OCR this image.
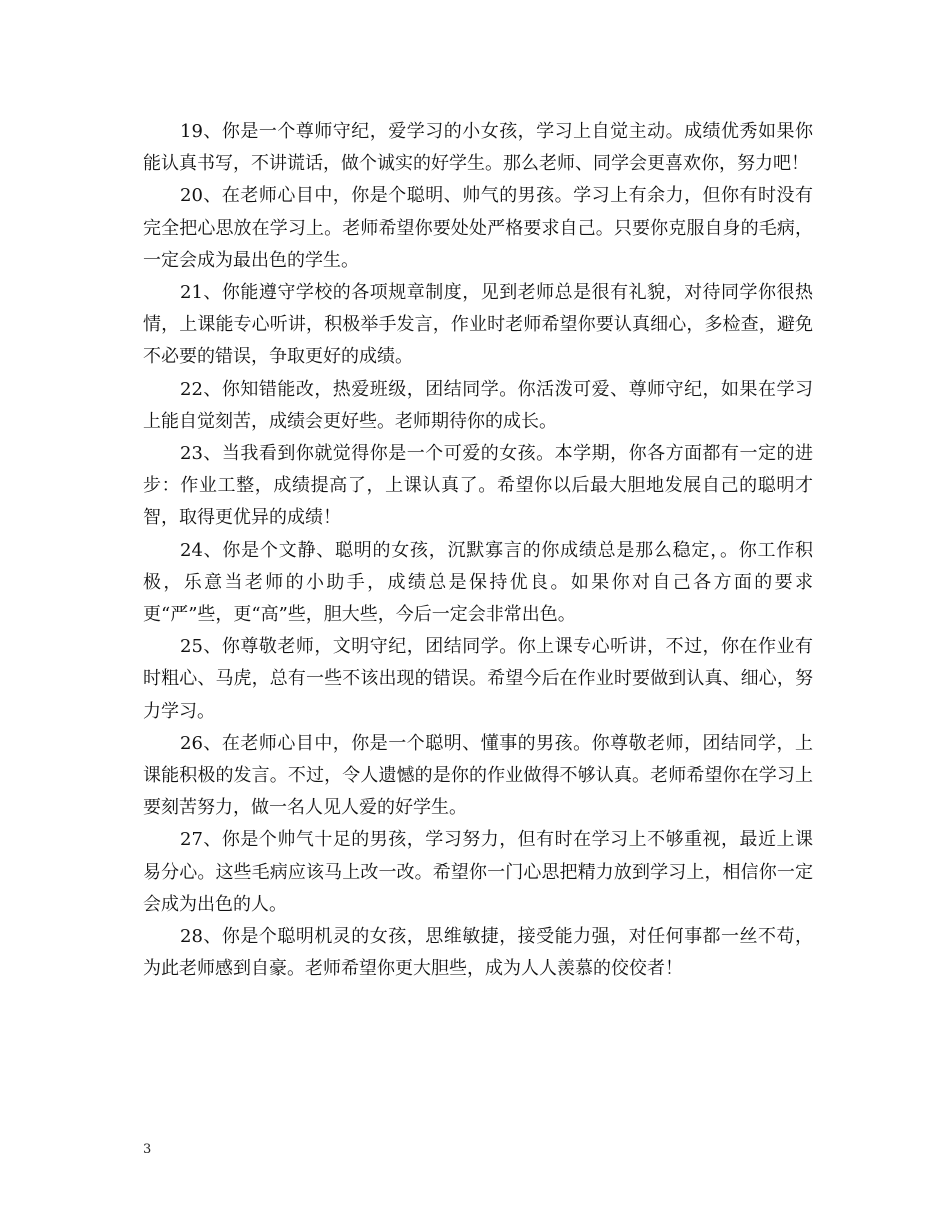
19、你是一个尊师守纪，爱学习的小女孩，学习上自觉主动。成绩优秀如果你能认真书写，不讲谎话，做个诚实的好学生。那么老师、同学会更喜欢你，努力吧！

20、在老师心目中，你是个聪明、帅气的男孩。学习上有余力，但你有时没有完全把心思放在学习上。老师希望你要处处严格要求自己。只要你克服自身的毛病，一定会成为最出色的学生。

21、你能遵守学校的各项规章制度，见到老师总是很有礼貌，对待同学你很热情，上课能专心听讲，积极举手发言，作业时老师希望你要认真细心，多检查，避免不必要的错误，争取更好的成绩。

22、你知错能改，热爱班级，团结同学。你活泼可爱、尊师守纪，如果在学习上能自觉刻苦，成绩会更好些。老师期待你的成长。

23、当我看到你就觉得你是一个可爱的女孩。本学期，你各方面都有一定的进步：作业工整，成绩提高了，上课认真了。希望你以后最大胆地发展自己的聪明才智，取得更优异的成绩！

24、你是个文静、聪明的女孩，沉默寡言的你成绩总是那么稳定，。你工作积极，乐意当老师的小助手，成绩总是保持优良。如果你对自己各方面的要求更“严”些，更“高”些，胆大些，今后一定会非常出色。

25、你尊敬老师，文明守纪，团结同学。你上课专心听讲，不过，你在作业有时粗心、马虎，总有一些不该出现的错误。希望今后在作业时要做到认真、细心，努力学习。

26、在老师心目中，你是一个聪明、懂事的男孩。你尊敬老师，团结同学，上课能积极的发言。不过，令人遗憾的是你的作业做得不够认真。老师希望你在学习上要刻苦努力，做一名人见人爱的好学生。

27、你是个帅气十足的男孩，学习努力，但有时在学习上不够重视，最近上课易分心。这些毛病应该马上改一改。希望你一门心思把精力放到学习上，相信你一定会成为出色的人。

28、你是个聪明机灵的女孩，思维敏捷，接受能力强，对任何事都一丝不苟，为此老师感到自豪。老师希望你更大胆些，成为人人羡慕的佼佼者！

3
